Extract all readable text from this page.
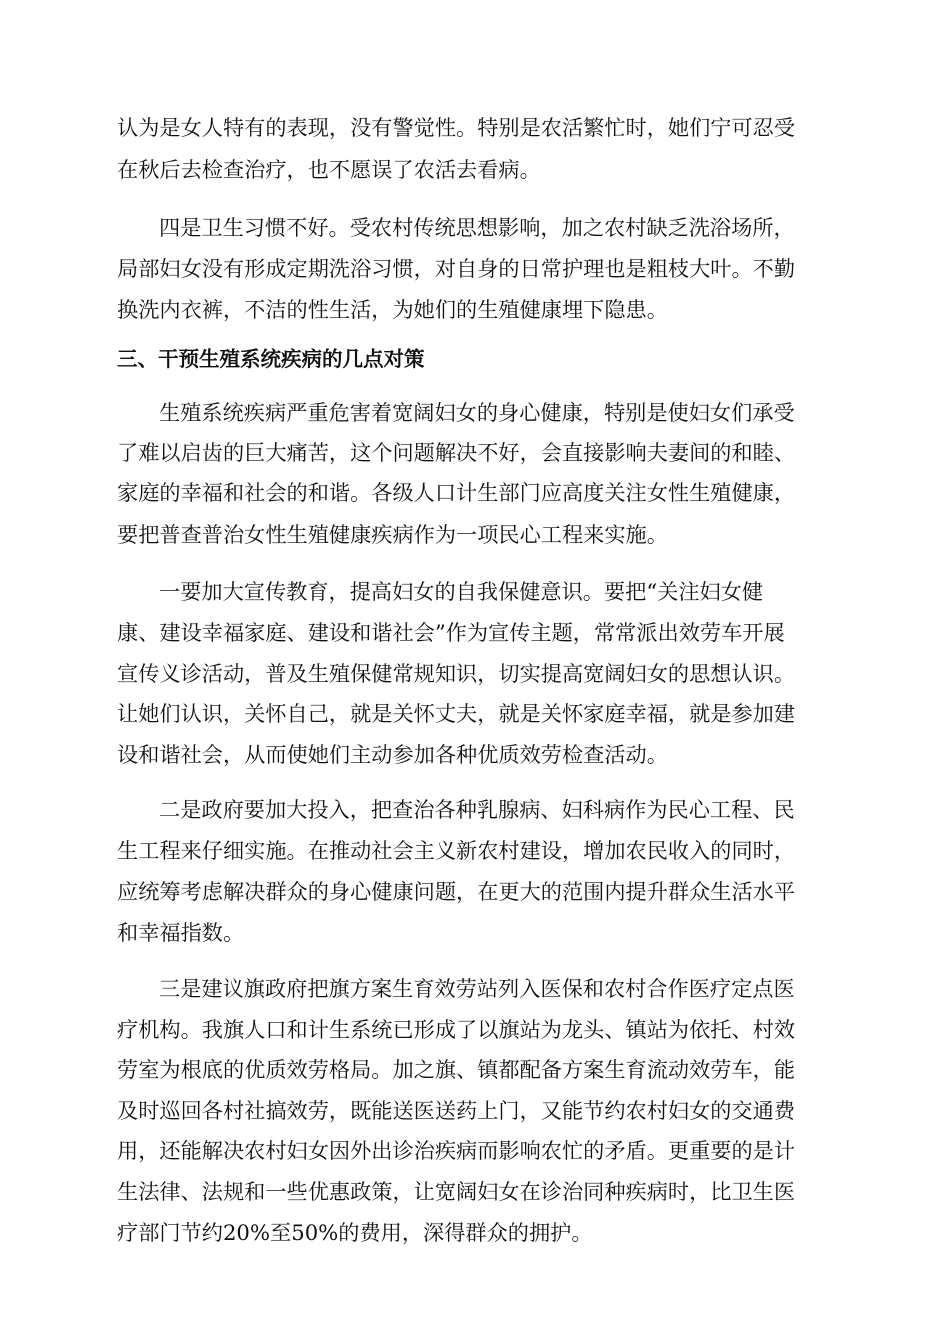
认为是女人特有的表现，没有警觉性。特别是农活繁忙时，她们宁可忍受
在秋后去检查治疗，也不愿误了农活去看病。
四是卫生习惯不好。受农村传统思想影响，加之农村缺乏洗浴场所，
局部妇女没有形成定期洗浴习惯，对自身的日常护理也是粗枝大叶。不勤
换洗内衣裤，不洁的性生活，为她们的生殖健康埋下隐患。
三、干预生殖系统疾病的几点对策
生殖系统疾病严重危害着宽阔妇女的身心健康，特别是使妇女们承受
了难以启齿的巨大痛苦，这个问题解决不好，会直接影响夫妻间的和睦、
家庭的幸福和社会的和谐。各级人口计生部门应高度关注女性生殖健康，
要把普查普治女性生殖健康疾病作为一项民心工程来实施。
一要加大宣传教育，提高妇女的自我保健意识。要把“关注妇女健
康、建设幸福家庭、建设和谐社会”作为宣传主题，常常派出效劳车开展
宣传义诊活动，普及生殖保健常规知识，切实提高宽阔妇女的思想认识。
让她们认识，关怀自己，就是关怀丈夫，就是关怀家庭幸福，就是参加建
设和谐社会，从而使她们主动参加各种优质效劳检查活动。
二是政府要加大投入，把查治各种乳腺病、妇科病作为民心工程、民
生工程来仔细实施。在推动社会主义新农村建设，增加农民收入的同时，
应统筹考虑解决群众的身心健康问题，在更大的范围内提升群众生活水平
和幸福指数。
三是建议旗政府把旗方案生育效劳站列入医保和农村合作医疗定点医
疗机构。我旗人口和计生系统已形成了以旗站为龙头、镇站为依托、村效
劳室为根底的优质效劳格局。加之旗、镇都配备方案生育流动效劳车，能
及时巡回各村社搞效劳，既能送医送药上门，又能节约农村妇女的交通费
用，还能解决农村妇女因外出诊治疾病而影响农忙的矛盾。更重要的是计
生法律、法规和一些优惠政策，让宽阔妇女在诊治同种疾病时，比卫生医
疗部门节约20%至50%的费用，深得群众的拥护。
